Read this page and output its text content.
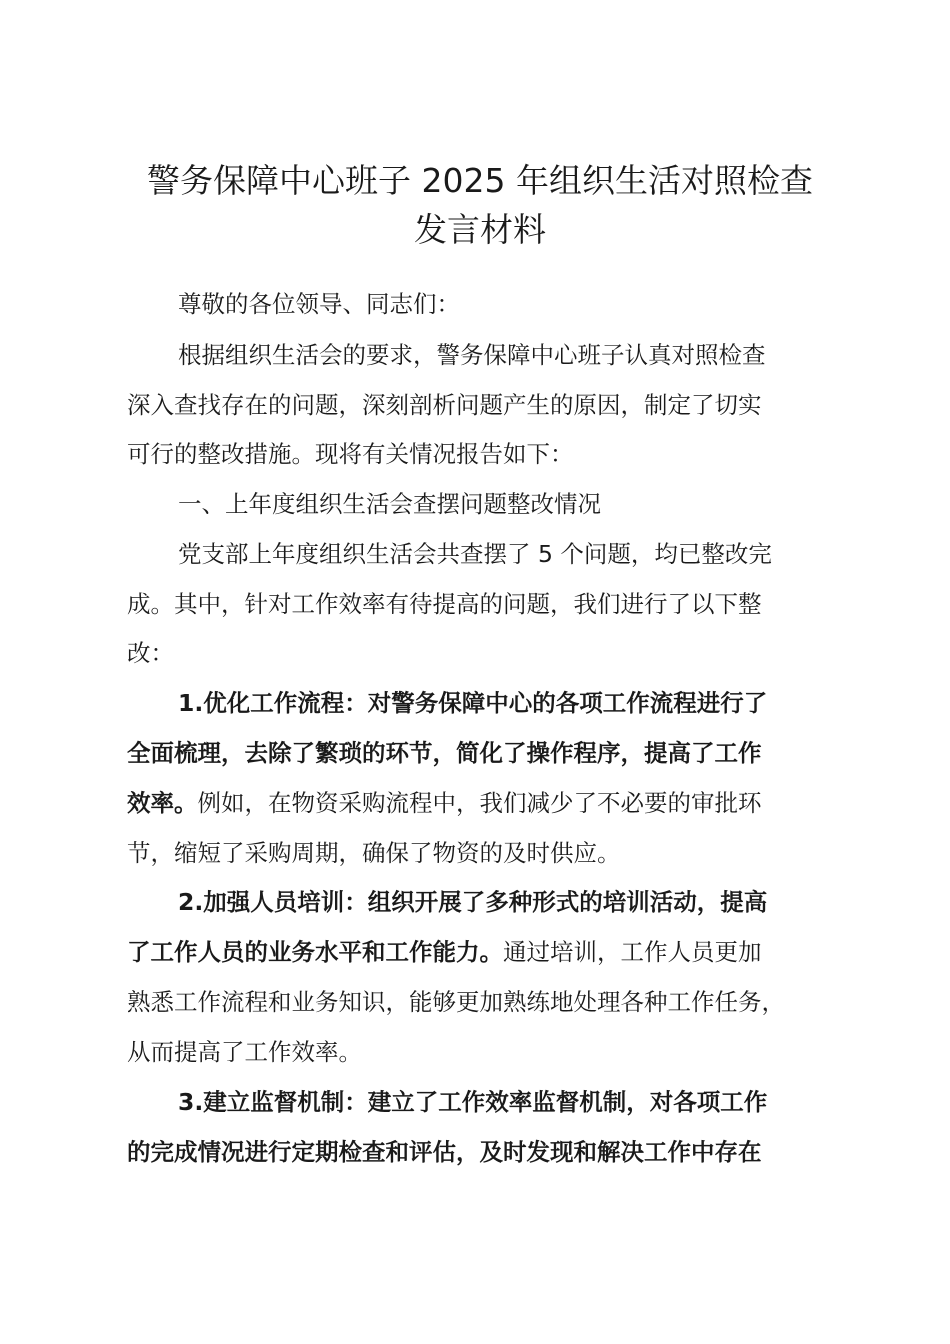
警务保障中心班子 2025 年组织生活对照检查
发言材料

尊敬的各位领导、同志们：

根据组织生活会的要求，警务保障中心班子认真对照检查

深入查找存在的问题，深刻剖析问题产生的原因，制定了切实

可行的整改措施。现将有关情况报告如下：

一、上年度组织生活会查摆问题整改情况

党支部上年度组织生活会共查摆了 5 个问题，均已整改完

成。其中，针对工作效率有待提高的问题，我们进行了以下整

改：

1.优化工作流程：对警务保障中心的各项工作流程进行了

全面梳理，去除了繁琐的环节，简化了操作程序，提高了工作

效率。例如，在物资采购流程中，我们减少了不必要的审批环

节，缩短了采购周期，确保了物资的及时供应。

2.加强人员培训：组织开展了多种形式的培训活动，提高

了工作人员的业务水平和工作能力。通过培训，工作人员更加

熟悉工作流程和业务知识，能够更加熟练地处理各种工作任务，

从而提高了工作效率。

3.建立监督机制：建立了工作效率监督机制，对各项工作

的完成情况进行定期检查和评估，及时发现和解决工作中存在
